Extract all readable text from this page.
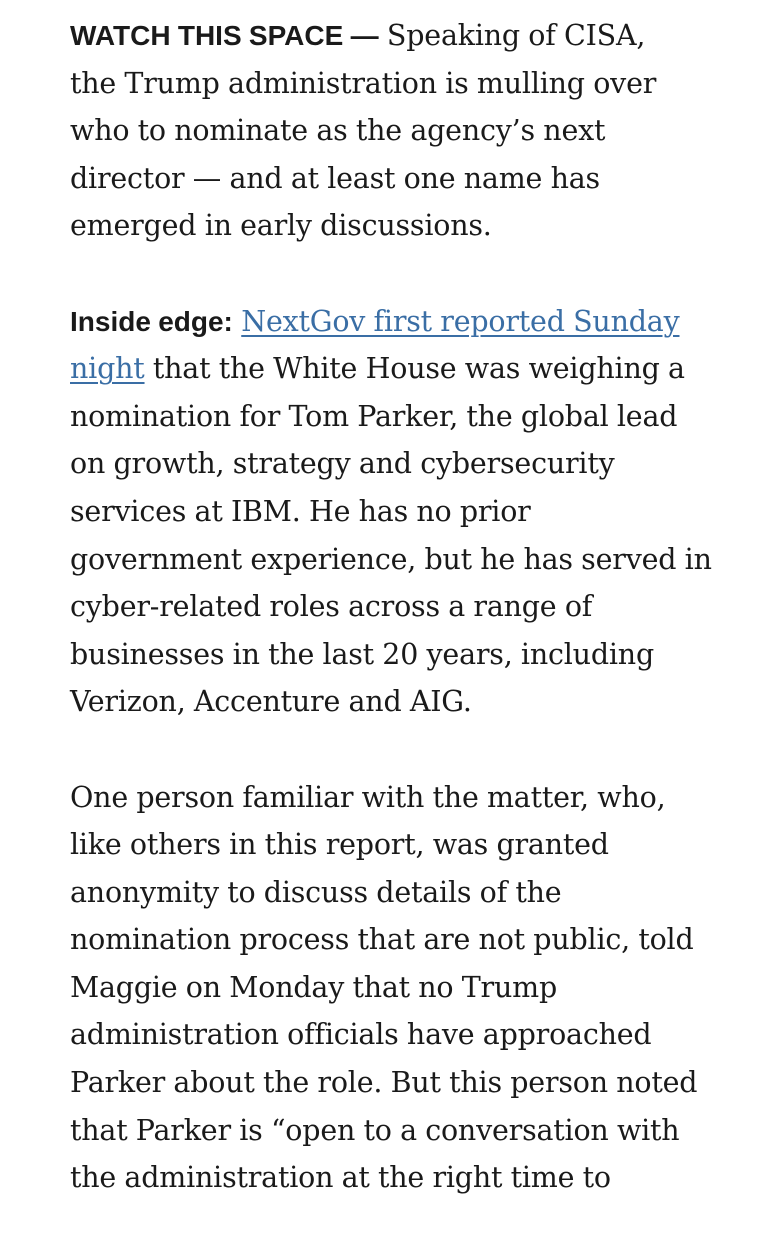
WATCH THIS SPACE — Speaking of CISA,
the Trump administration is mulling over
who to nominate as the agency’s next
director — and at least one name has
emerged in early discussions.

Inside edge: NextGov first reported Sunday
night that the White House was weighing a
nomination for Tom Parker, the global lead
on growth, strategy and cybersecurity
services at IBM. He has no prior
government experience, but he has served in
cyber-related roles across a range of
businesses in the last 20 years, including
Verizon, Accenture and AIG.

One person familiar with the matter, who,
like others in this report, was granted
anonymity to discuss details of the
nomination process that are not public, told
Maggie on Monday that no Trump
administration officials have approached
Parker about the role. But this person noted
that Parker is “open to a conversation with
the administration at the right time to
